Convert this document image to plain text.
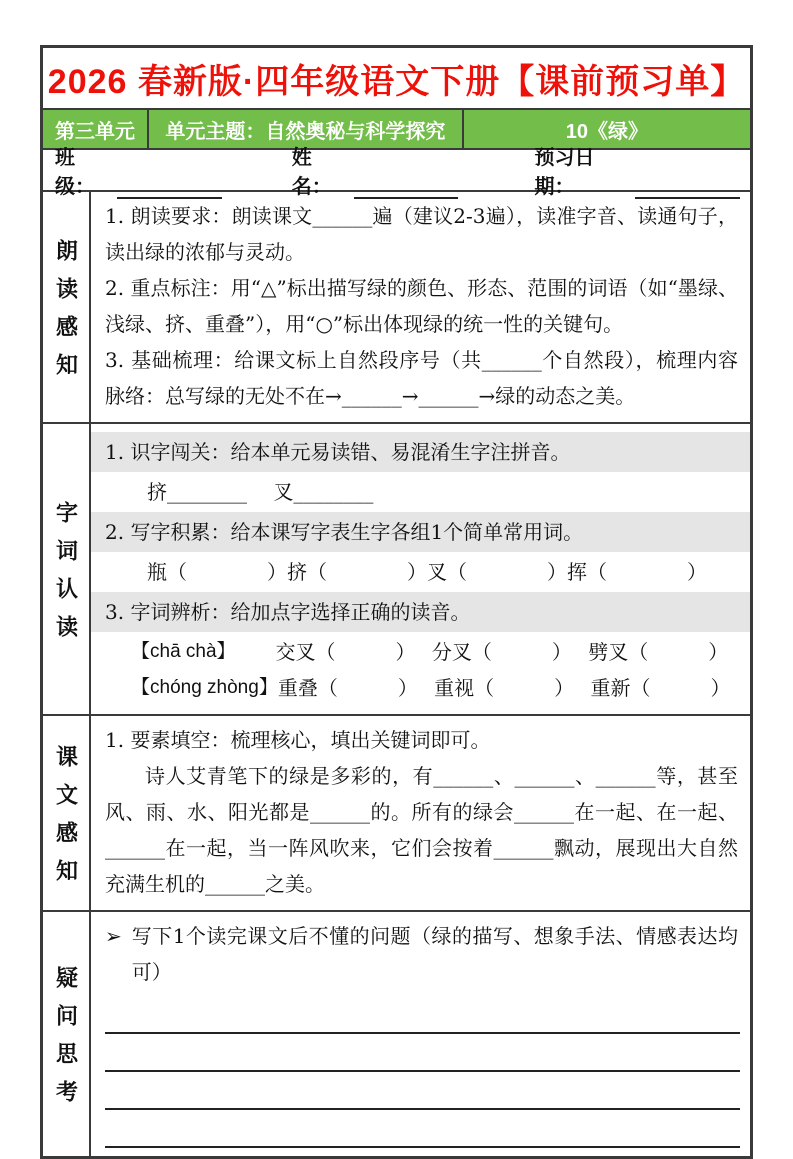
2026 春新版·四年级语文下册【课前预习单】
第三单元	单元主题：自然奥秘与科学探究	10《绿》
班级：
姓名：
预习日期：
朗读感知

1. 朗读要求：朗读课文______遍（建议2-3遍），读准字音、读通句子，读出绿的浓郁与灵动。

2. 重点标注：用“△”标出描写绿的颜色、形态、范围的词语（如“墨绿、浅绿、挤、重叠”），用“○”标出体现绿的统一性的关键句。

3. 基础梳理：给课文标上自然段序号（共______个自然段），梳理内容脉络：总写绿的无处不在→______→______→绿的动态之美。

字词认读
1. 识字闯关：给本单元易读错、易混淆生字注拼音。
挤________　 叉________
2. 写字积累：给本课写字表生字各组1个简单常用词。
瓶（　　　　）挤（　　　　）叉（　　　　）挥（　　　　）
3. 字词辨析：给加点字选择正确的读音。
【chā chà】 　　交叉（　　　）　 分叉（　　　）　 劈叉（　　　）
【chóng zhòng】 重叠（　　　）　 重视（　　　）　 重新（　　　）
课文感知

1. 要素填空：梳理核心，填出关键词即可。

诗人艾青笔下的绿是多彩的，有______、______、______等，甚至风、雨、水、阳光都是______的。所有的绿会______在一起、在一起、______在一起，当一阵风吹来，它们会按着______飘动，展现出大自然充满生机的______之美。

疑问思考
➢ 写下1个读完课文后不懂的问题（绿的描写、想象手法、情感表达均可）
